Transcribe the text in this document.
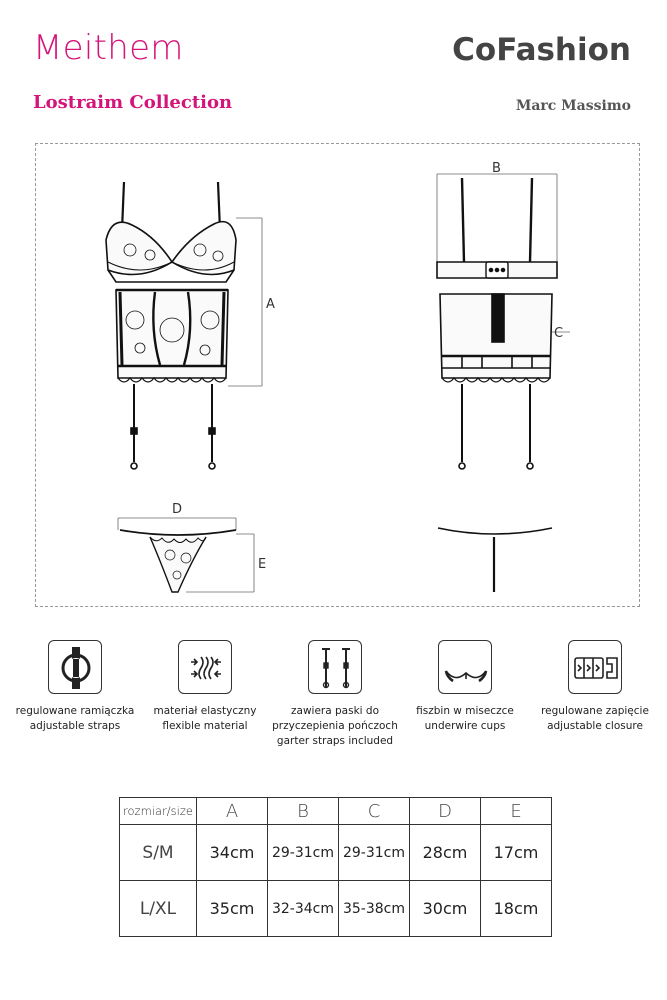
Meithem	CoFashion
Lostraim Collection	Marc Massimo
A
B
C
D
E
regulowane ramiączka
adjustable straps
materiał elastyczny
flexible material
zawiera paski do
przyczepienia pończoch
garter straps included
fiszbin w miseczce
underwire cups
regulowane zapięcie
adjustable closure
rozmiar/size	A	B	C	D	E
S/M	34cm	29-31cm	29-31cm	28cm	17cm
L/XL	35cm	32-34cm	35-38cm	30cm	18cm
